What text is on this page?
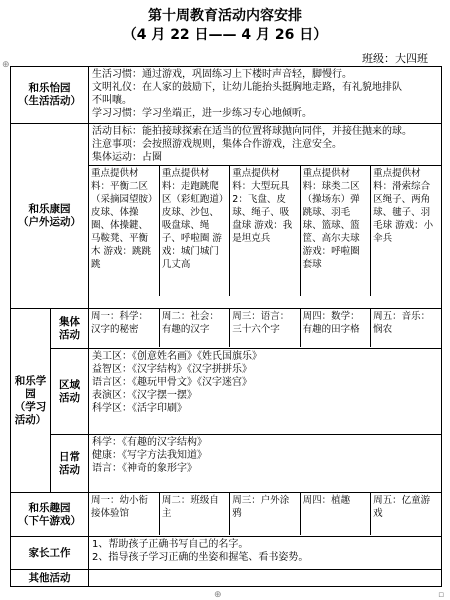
第十周教育活动内容安排
（4 月 22 日—— 4 月 26 日）
班级：大四班
⊕
和乐怡园
（生活活动）	
生活习惯：通过游戏，巩固练习上下楼时声音轻，脚慢行。
文明礼仪：在人家的鼓励下，让幼儿能抬头挺胸地走路，有礼貌地排队
不叫嚷。
学习习惯：学习坐端正，进一步练习专心地倾听。

和乐康园
（户外运动）	
活动目标：能拍接球探索在适当的位置将球抛向同伴，并接住抛来的球。
注意事项：会按照游戏规则，集体合作游戏，注意安全。
集体运动：占圈
重点提供材料：平衡二区（采摘园望胺）皮球、体操圈、体操鍵、马鞍凳、平衡木 游戏：跳跳跳	重点提供材料：走跑跳爬区（彩虹跑道）皮球、沙包、吸盘球、绳子、呼啦圈 游戏：城门城门几丈高	重点提供材料：大型玩具2：飞盘、皮球、绳子、吸盘球 游戏：我是坦克兵	重点提供材料：球类二区（操场东）弹跳球、羽毛球、篮球、篮筐、高尔夫球 游戏：呼啦圈套球	重点提供材料：滑索综合区绳子、两角球、毽子、羽毛球 游戏：小伞兵

和乐学园
（学习活动）	集体
活动	
周一：科学：汉字的秘密	周二：社会：有趣的汉字	周三：语言：三十六个字	周四：数学：有趣的田字格	周五：音乐：悯农

区域
活动	
美工区：《创意姓名画》《姓氏国旗乐》
益智区：《汉字结构》《汉字拼拼乐》
语言区：《趣玩甲骨文》《汉字迷宫》
表演区：《汉字摆一摆》
科学区：《活字印刷》

日常
活动	
科学：《有趣的汉字结构》
健康：《写字方法我知道》
语言：《神奇的象形字》

和乐趣园
（下午游戏）	
周一：幼小衔接体验馆	周二：班级自主	周三：户外涂鸦	周四：植趣	周五：亿童游戏

家长工作	
1、帮助孩子正确书写自己的名字。
2、指导孩子学习正确的坐姿和握笔、看书姿势。

其他活动	
⊕	▫
